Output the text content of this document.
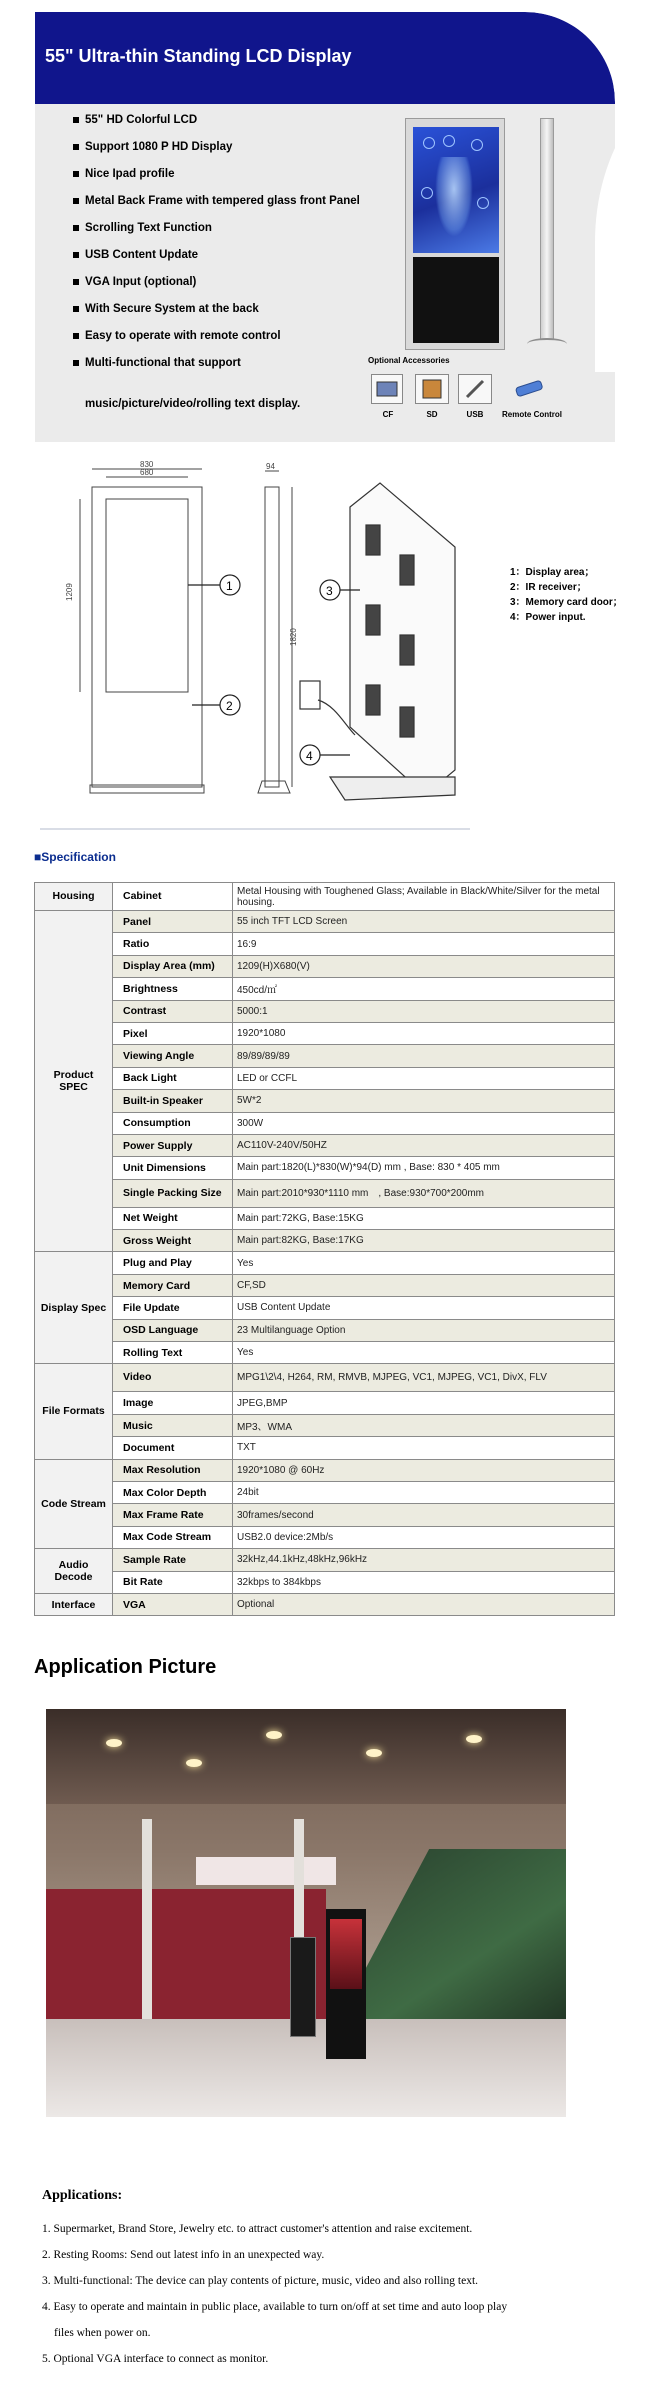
55" Ultra-thin Standing LCD Display
55" HD Colorful LCD
Support 1080 P HD Display
Nice Ipad profile
Metal Back Frame with tempered glass front Panel
Scrolling Text Function
USB Content Update
VGA Input (optional)
With Secure System at the back
Easy to operate with remote control
Multi-functional that support
music/picture/video/rolling text display.
Optional Accessories
CF	SD	USB	Remote Control
830
680
1209
94
1820
1
2
3
4
1：Display area；
2：IR receiver；
3：Memory card door；
4：Power input.
■Specification
Housing	Cabinet	Metal Housing with Toughened Glass; Available in Black/White/Silver for the metal housing.
Product SPEC	Panel	55 inch TFT LCD Screen
	Ratio	16:9
	Display Area (mm)	1209(H)X680(V)
	Brightness	450cd/㎡
	Contrast	5000:1
	Pixel	1920*1080
	Viewing Angle	89/89/89/89
	Back Light	LED or CCFL
	Built-in Speaker	5W*2
	Consumption	300W
	Power Supply	AC110V-240V/50HZ
	Unit Dimensions	Main part:1820(L)*830(W)*94(D) mm , Base: 830 * 405 mm
	Single Packing Size	Main part:2010*930*1110 mm　, Base:930*700*200mm
	Net Weight	Main part:72KG, Base:15KG
	Gross Weight	Main part:82KG, Base:17KG
Display Spec	Plug and Play	Yes
	Memory Card	CF,SD
	File Update	USB Content Update
	OSD Language	23 Multilanguage Option
	Rolling Text	Yes
File Formats	Video	MPG1\2\4, H264, RM, RMVB, MJPEG, VC1, MJPEG, VC1, DivX, FLV
	Image	JPEG,BMP
	Music	MP3、WMA
	Document	TXT
Code Stream	Max Resolution	1920*1080 @ 60Hz
	Max Color Depth	24bit
	Max Frame Rate	30frames/second
	Max Code Stream	USB2.0 device:2Mb/s
Audio Decode	Sample Rate	32kHz,44.1kHz,48kHz,96kHz
	Bit Rate	32kbps to 384kbps
Interface	VGA	Optional
Application Picture
Applications:
1. Supermarket, Brand Store, Jewelry etc. to attract customer's attention and raise excitement.
2. Resting Rooms: Send out latest info in an unexpected way.
3. Multi-functional: The device can play contents of picture, music, video and also rolling text.
4. Easy to operate and maintain in public place, available to turn on/off at set time and auto loop play
files when power on.
5. Optional VGA interface to connect as monitor.
